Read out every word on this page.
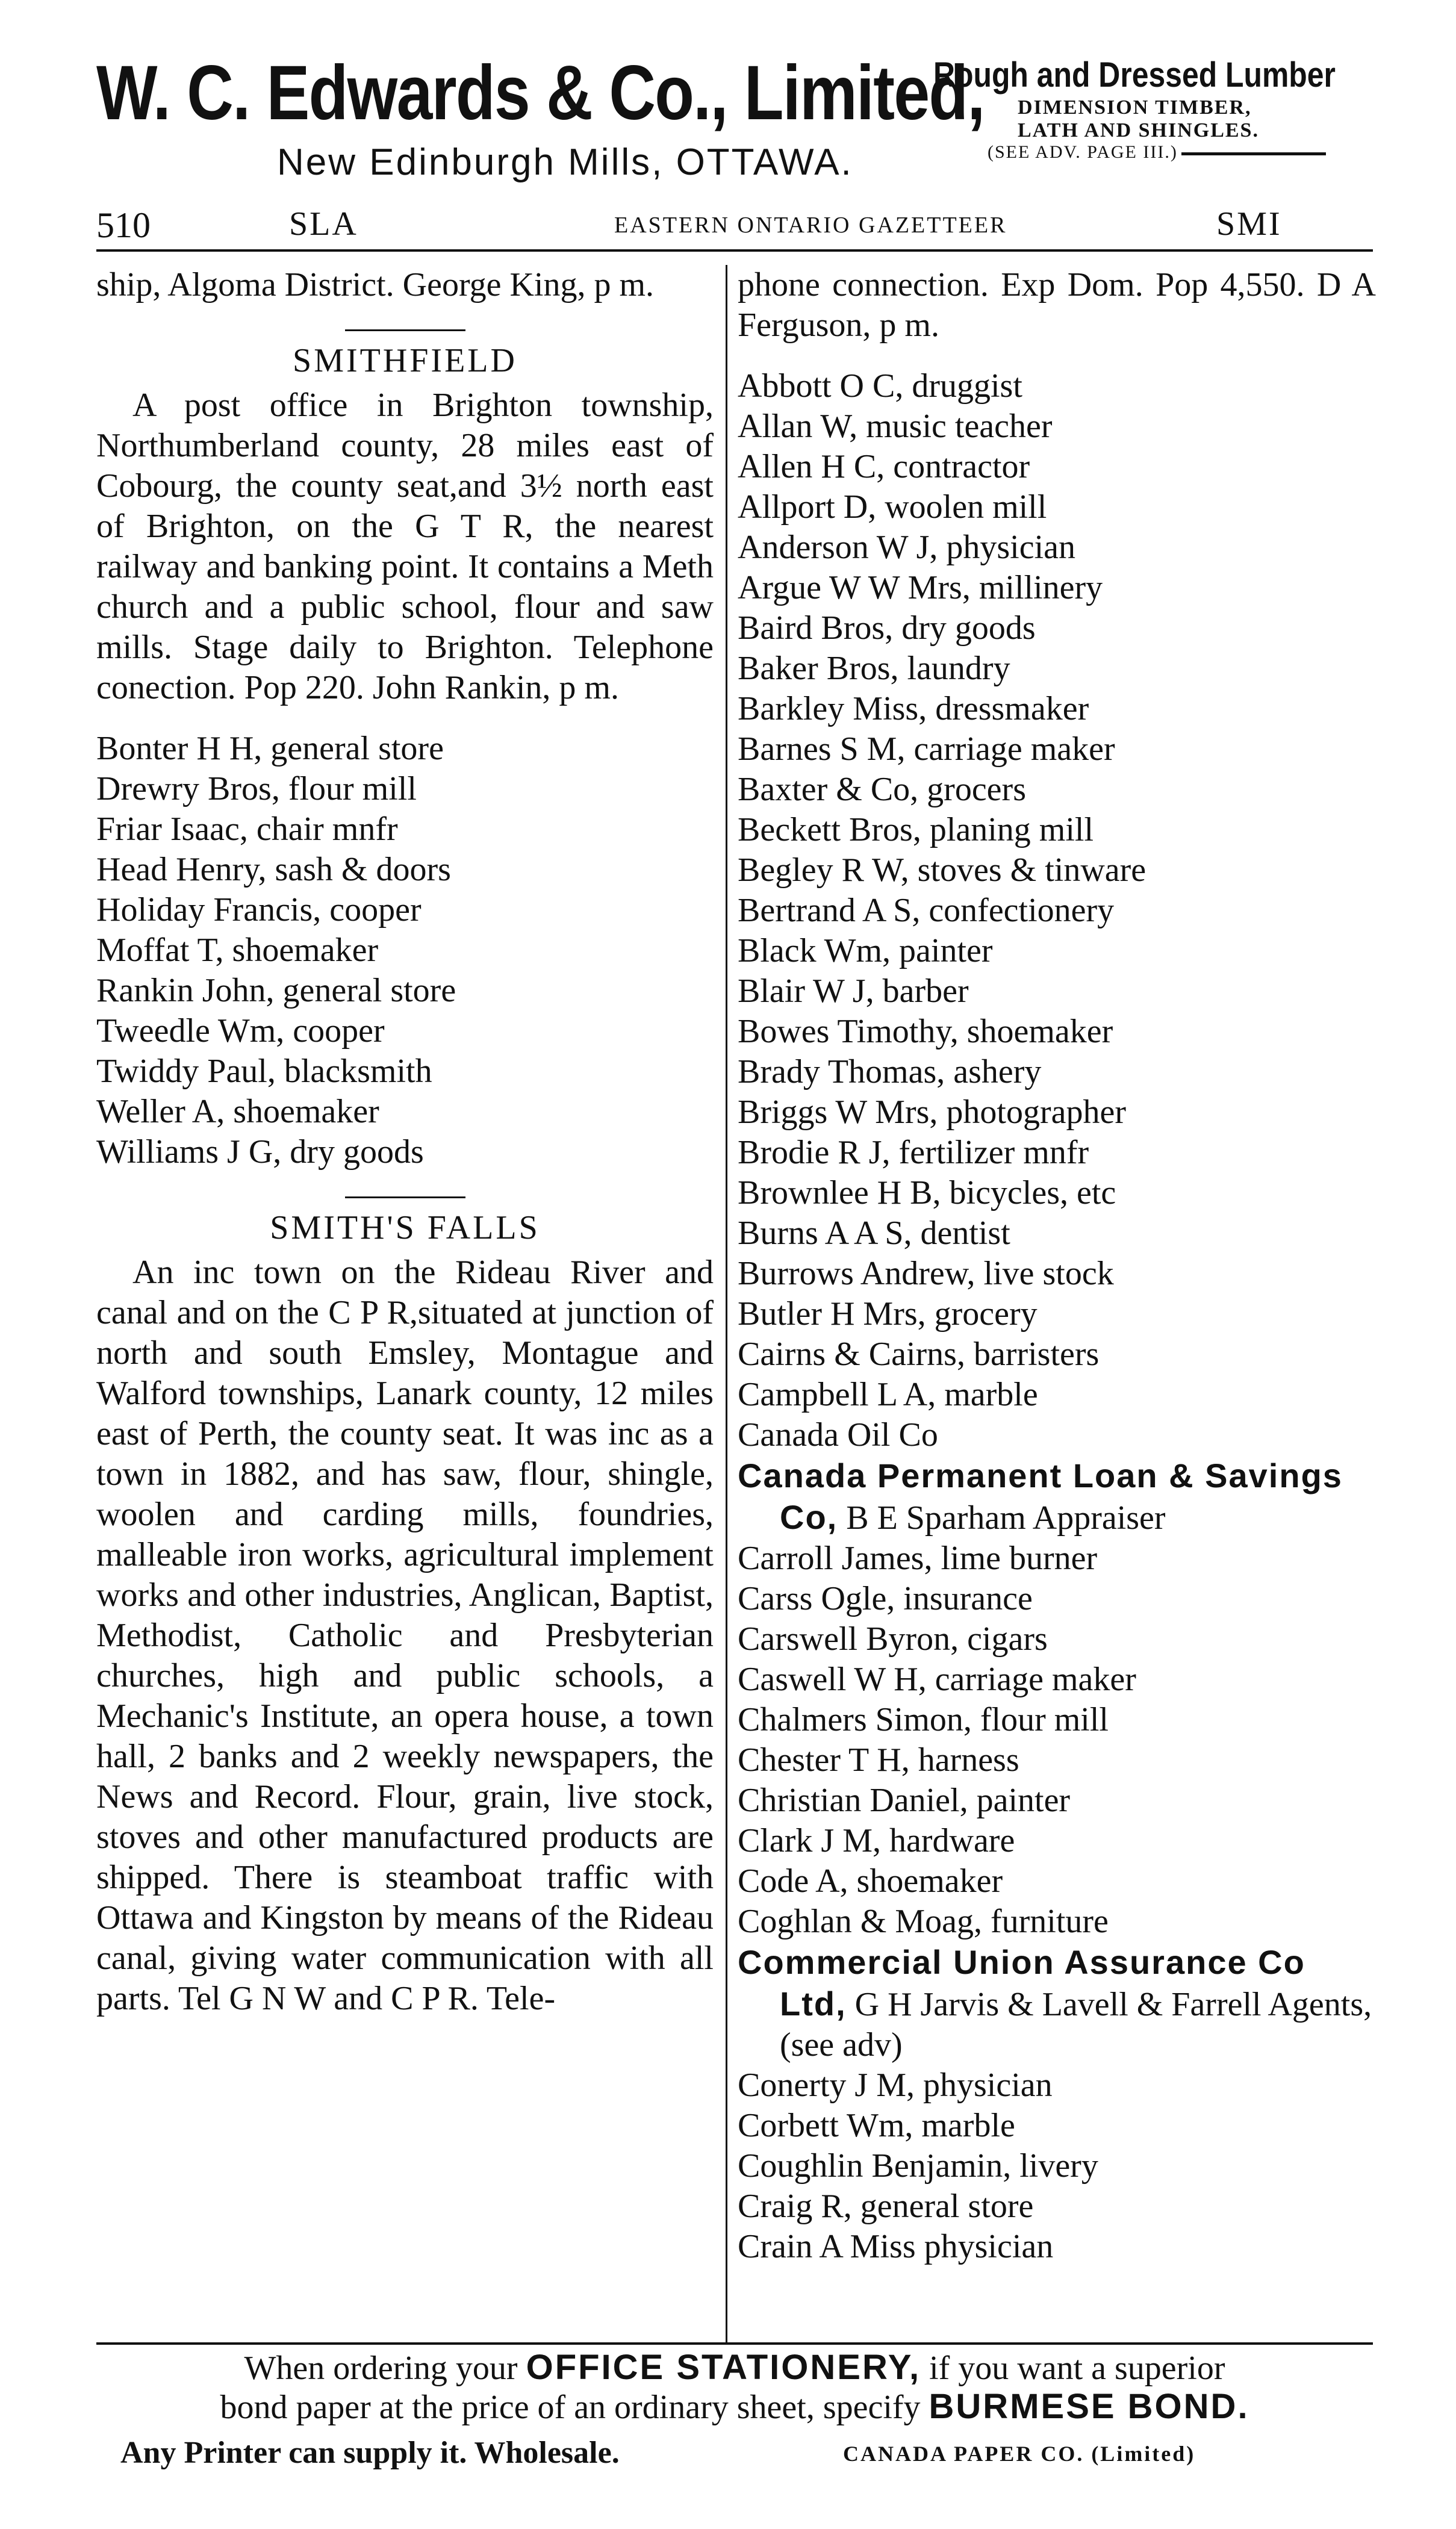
W. C. Edwards & Co., Limited,
New Edinburgh Mills, OTTAWA.
Rough and Dressed Lumber
DIMENSION TIMBER,
LATH AND SHINGLES.
(SEE ADV. PAGE III.)
510	SLA	EASTERN ONTARIO GAZETTEER	SMI

ship, Algoma District. George King, p m.

SMITHFIELD

A post office in Brighton township, Northumberland county, 28 miles east of Cobourg, the county seat,and 3½ north east of Brighton, on the G T R, the nearest railway and banking point. It contains a Meth church and a public school, flour and saw mills. Stage daily to Brighton. Telephone conection. Pop 220. John Rankin, p m.

Bonter H H, general store
Drewry Bros, flour mill
Friar Isaac, chair mnfr
Head Henry, sash & doors
Holiday Francis, cooper
Moffat T, shoemaker
Rankin John, general store
Tweedle Wm, cooper
Twiddy Paul, blacksmith
Weller A, shoemaker
Williams J G, dry goods
SMITH'S FALLS

An inc town on the Rideau River and canal and on the C P R,situated at junction of north and south Emsley, Montague and Walford townships, Lanark county, 12 miles east of Perth, the county seat. It was inc as a town in 1882, and has saw, flour, shingle, woolen and carding mills, foundries, malleable iron works, agricultural implement works and other industries, Anglican, Baptist, Methodist, Catholic and Presbyterian churches, high and public schools, a Mechanic's Institute, an opera house, a town hall, 2 banks and 2 weekly newspapers, the News and Record. Flour, grain, live stock, stoves and other manufactured products are shipped. There is steamboat traffic with Ottawa and Kingston by means of the Rideau canal, giving water communication with all parts. Tel G N W and C P R. Tele-

phone connection. Exp Dom. Pop 4,550. D A Ferguson, p m.

Abbott O C, druggist
Allan W, music teacher
Allen H C, contractor
Allport D, woolen mill
Anderson W J, physician
Argue W W Mrs, millinery
Baird Bros, dry goods
Baker Bros, laundry
Barkley Miss, dressmaker
Barnes S M, carriage maker
Baxter & Co, grocers
Beckett Bros, planing mill
Begley R W, stoves & tinware
Bertrand A S, confectionery
Black Wm, painter
Blair W J, barber
Bowes Timothy, shoemaker
Brady Thomas, ashery
Briggs W Mrs, photographer
Brodie R J, fertilizer mnfr
Brownlee H B, bicycles, etc
Burns A A S, dentist
Burrows Andrew, live stock
Butler H Mrs, grocery
Cairns & Cairns, barristers
Campbell L A, marble
Canada Oil Co
Canada Permanent Loan & Savings Co, B E Sparham Appraiser
Carroll James, lime burner
Carss Ogle, insurance
Carswell Byron, cigars
Caswell W H, carriage maker
Chalmers Simon, flour mill
Chester T H, harness
Christian Daniel, painter
Clark J M, hardware
Code A, shoemaker
Coghlan & Moag, furniture
Commercial Union Assurance Co Ltd, G H Jarvis & Lavell & Farrell Agents, (see adv)
Conerty J M, physician
Corbett Wm, marble
Coughlin Benjamin, livery
Craig R, general store
Crain A Miss physician
When ordering your OFFICE STATIONERY, if you want a superior
bond paper at the price of an ordinary sheet, specify BURMESE BOND.
Any Printer can supply it. Wholesale.	CANADA PAPER CO. (Limited)
